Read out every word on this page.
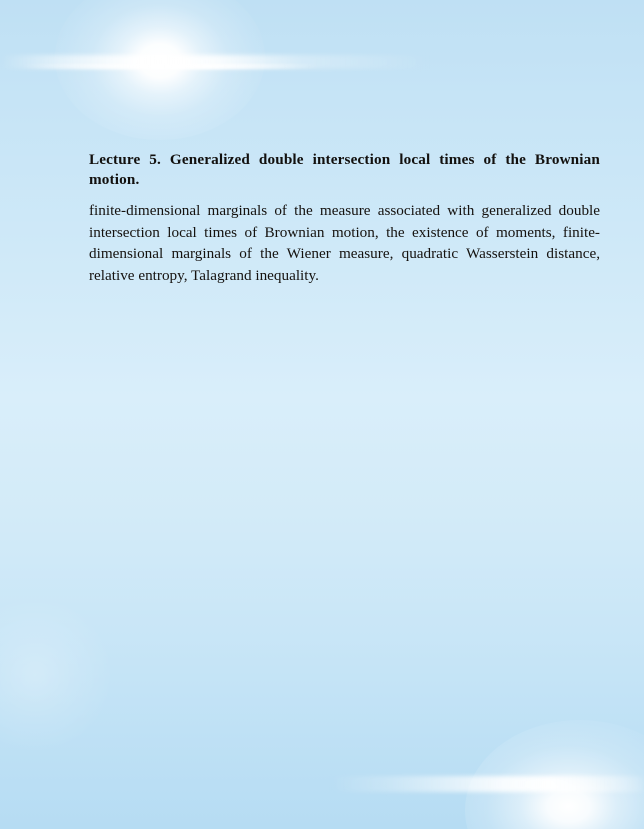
Lecture 5. Generalized double intersection local times of the Brownian motion.

finite-dimensional marginals of the measure associated with generalized double intersection local times of Brownian motion, the existence of moments, finite-dimensional marginals of the Wiener measure, quadratic Wasserstein distance, relative entropy, Talagrand inequality.
